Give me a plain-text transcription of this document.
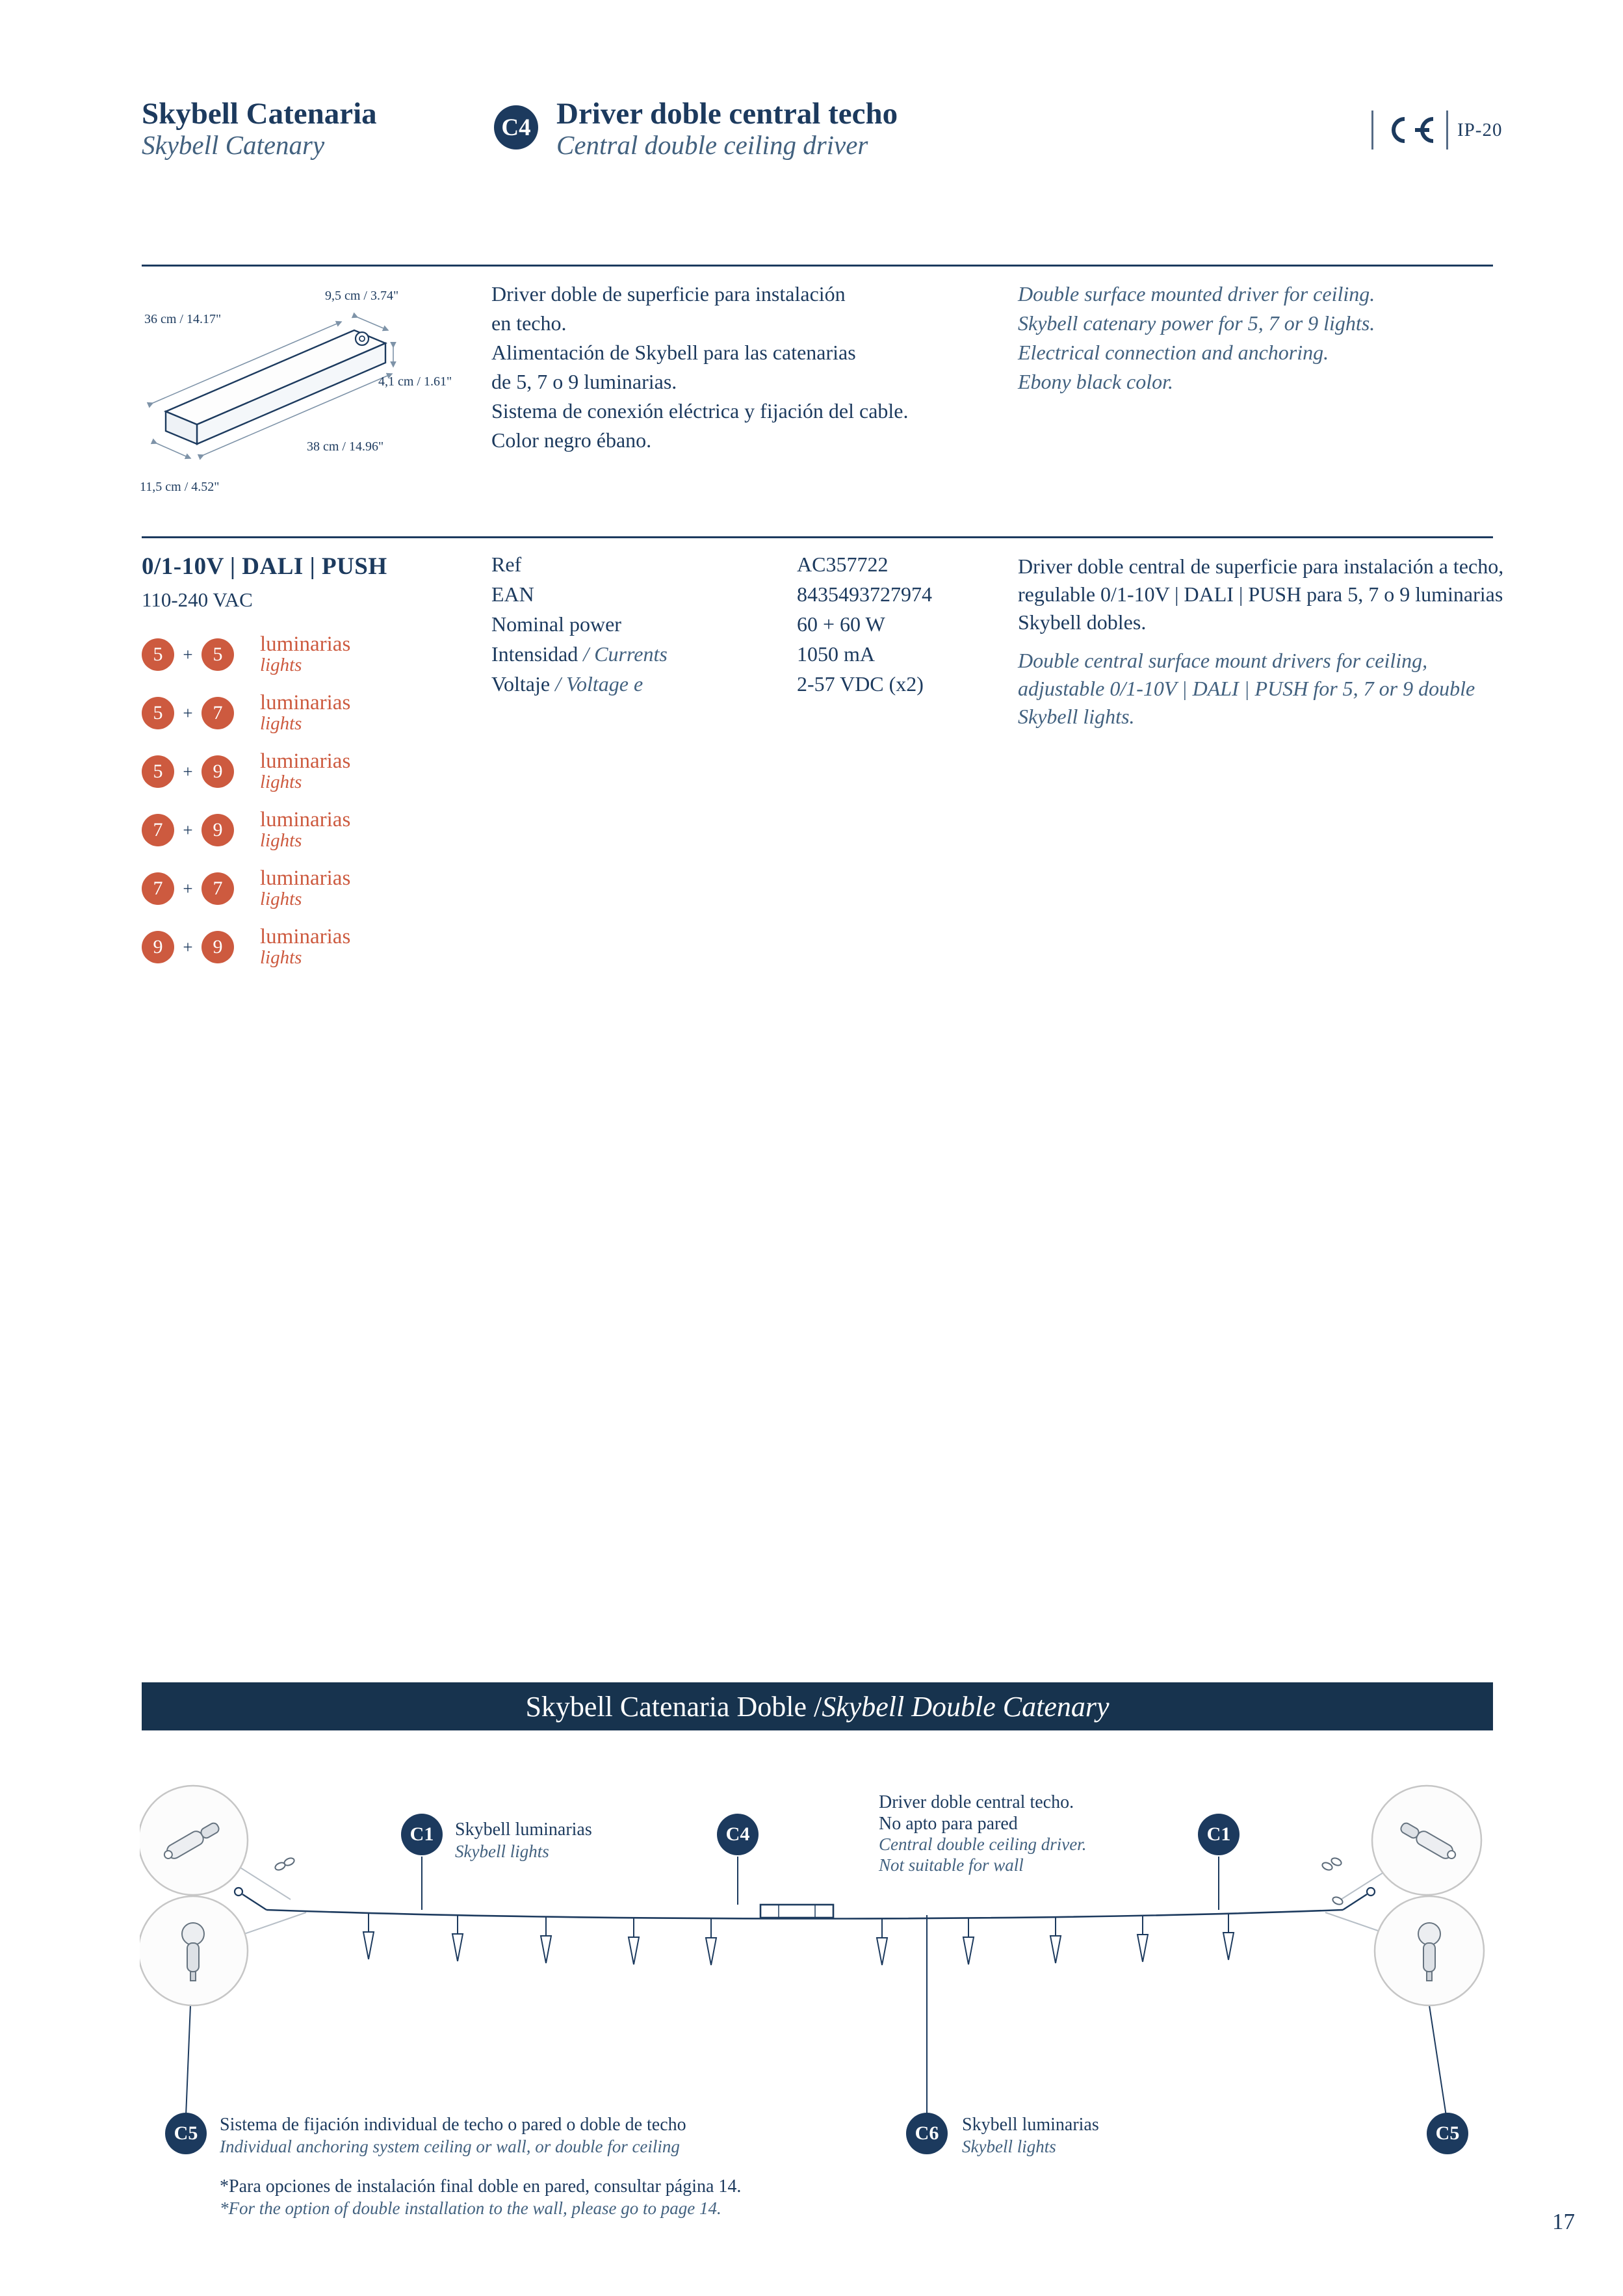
Skybell Catenaria
Skybell Catenary
C4 Driver doble central techo
Central double ceiling driver
IP-20
9,5 cm / 3.74"
36 cm / 14.17"
4,1 cm / 1.61"
38 cm / 14.96"
11,5 cm / 4.52"
Driver doble de superficie para instalación
en techo.
Alimentación de Skybell para las catenarias
de 5, 7 o 9 luminarias.
Sistema de conexión eléctrica y fijación del cable.
Color negro ébano.
Double surface mounted driver for ceiling.
Skybell catenary power for 5, 7 or 9 lights.
Electrical connection and anchoring.
Ebony black color.
0/1-10V | DALI | PUSH
110-240 VAC
5	+	5	luminarias
lights
5	+	7	luminarias
lights
5	+	9	luminarias
lights
7	+	9	luminarias
lights
7	+	7	luminarias
lights
9	+	9	luminarias
lights
Ref	AC357722
EAN	8435493727974
Nominal power	60 + 60 W
Intensidad / Currents	1050 mA
Voltaje / Voltage e	2-57 VDC (x2)
Driver doble central de superficie para instalación a techo, regulable 0/1-10V | DALI | PUSH para 5, 7 o 9 luminarias Skybell dobles.
Double central surface mount drivers for ceiling, adjustable 0/1-10V | DALI | PUSH for 5, 7 or 9 double Skybell lights.
Skybell Catenaria Doble / Skybell Double Catenary
C1	C4	C1
C5	C6	C5
Skybell luminarias
Skybell lights
Driver doble central techo.
No apto para pared
Central double ceiling driver.
Not suitable for wall
Sistema de fijación individual de techo o pared o doble de techo
Individual anchoring system ceiling or wall, or double for ceiling
Skybell luminarias
Skybell lights
*Para opciones de instalación final doble en pared, consultar página 14.
*For the option of double installation to the wall, please go to page 14.
17
